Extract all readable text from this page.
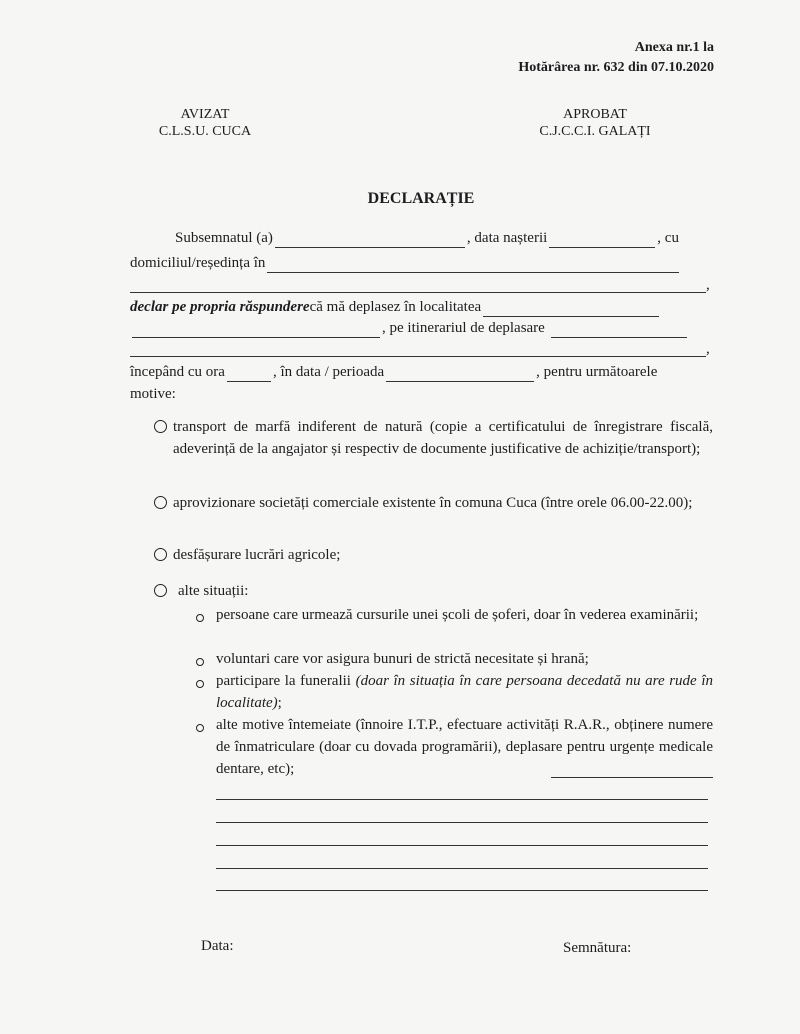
Anexa nr.1 la
Hotărârea nr. 632 din 07.10.2020
AVIZAT
C.L.S.U. CUCA
APROBAT
C.J.C.C.I. GALAȚI
DECLARAȚIE
Subsemnatul (a)	, data nașterii	, cu
domiciliul/reședința în
,
declar pe propria răspundere că mă deplasez în localitatea
, pe itinerariul de deplasare
,
începând cu ora	, în data / perioada	, pentru următoarele
motive:
transport de marfă indiferent de natură (copie a certificatului de înregistrare fiscală, adeverință de la angajator și respectiv de documente justificative de achiziție/transport);
aprovizionare societăți comerciale existente în comuna Cuca (între orele 06.00-22.00);
desfășurare lucrări agricole;
alte situații:
persoane care urmează cursurile unei școli de șoferi, doar în vederea examinării;
voluntari care vor asigura bunuri de strictă necesitate și hrană;
participare la funeralii (doar în situația în care persoana decedată nu are rude în localitate);
alte motive întemeiate (înnoire I.T.P., efectuare activități R.A.R., obținere numere de înmatriculare (doar cu dovada programării), deplasare pentru urgențe medicale dentare, etc);
Data:	Semnătura:
